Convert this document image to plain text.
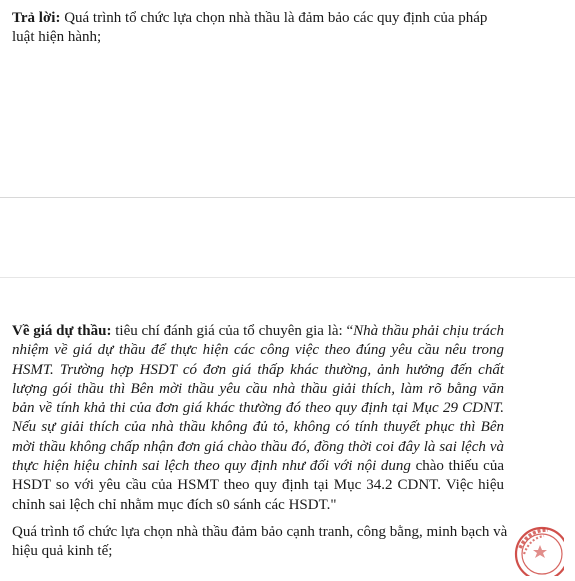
Trả lời: Quá trình tổ chức lựa chọn nhà thầu là đảm bảo các quy định của pháp luật hiện hành;

Về giá dự thầu: tiêu chí đánh giá của tổ chuyên gia là: “Nhà thầu phải chịu trách nhiệm về giá dự thầu để thực hiện các công việc theo đúng yêu cầu nêu trong HSMT. Trường hợp HSDT có đơn giá thấp khác thường, ảnh hưởng đến chất lượng gói thầu thì Bên mời thầu yêu cầu nhà thầu giải thích, làm rõ bằng văn bản về tính khả thi của đơn giá khác thường đó theo quy định tại Mục 29 CDNT. Nếu sự giải thích của nhà thầu không đủ tỏ, không có tính thuyết phục thì Bên mời thầu không chấp nhận đơn giá chào thầu đó, đồng thời coi đây là sai lệch và thực hiện hiệu chỉnh sai lệch theo quy định như đối với nội dung chào thiếu của HSDT so với yêu cầu của HSMT theo quy định tại Mục 34.2 CDNT. Việc hiệu chỉnh sai lệch chỉ nhằm mục đích s0 sánh các HSDT."

Quá trình tổ chức lựa chọn nhà thầu đảm bảo cạnh tranh, công bằng, minh bạch và hiệu quả kinh tế;
